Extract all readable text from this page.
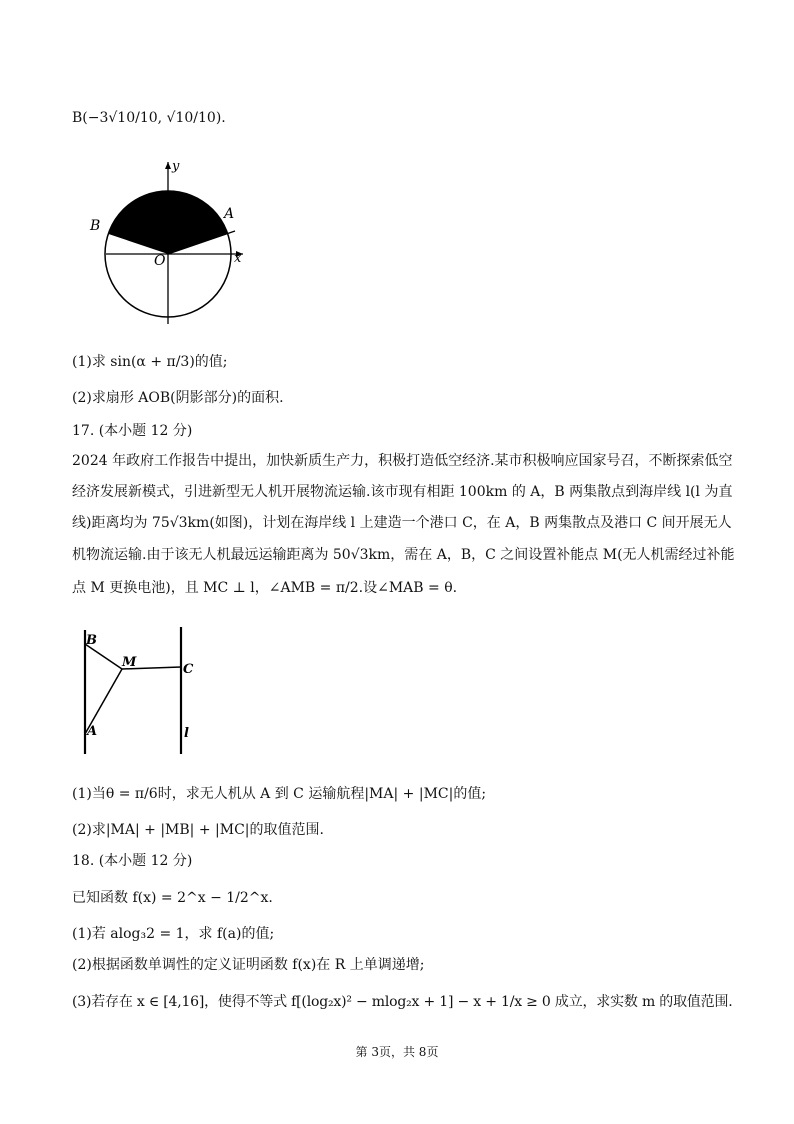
B(−3√10/10, √10/10).
y
x
A
B
O
(1)求 sin(α + π/3)的值;
(2)求扇形 AOB(阴影部分)的面积.
17. (本小题 12 分)
2024 年政府工作报告中提出，加快新质生产力，积极打造低空经济.某市积极响应国家号召，不断探索低空
经济发展新模式，引进新型无人机开展物流运输.该市现有相距 100km 的 A，B 两集散点到海岸线 l(l 为直
线)距离均为 75√3km(如图)，计划在海岸线 l 上建造一个港口 C，在 A，B 两集散点及港口 C 间开展无人
机物流运输.由于该无人机最远运输距离为 50√3km，需在 A，B，C 之间设置补能点 M(无人机需经过补能
点 M 更换电池)，且 MC ⊥ l，∠AMB = π/2.设∠MAB = θ.
B
M	C
A	l
(1)当θ = π/6时，求无人机从 A 到 C 运输航程|MA| + |MC|的值;
(2)求|MA| + |MB| + |MC|的取值范围.
18. (本小题 12 分)
已知函数 f(x) = 2^x − 1/2^x.
(1)若 alog₃2 = 1，求 f(a)的值;
(2)根据函数单调性的定义证明函数 f(x)在 R 上单调递增;
(3)若存在 x ∈ [4,16]，使得不等式 f[(log₂x)² − mlog₂x + 1] − x + 1/x ≥ 0 成立，求实数 m 的取值范围.
第 3页，共 8页
